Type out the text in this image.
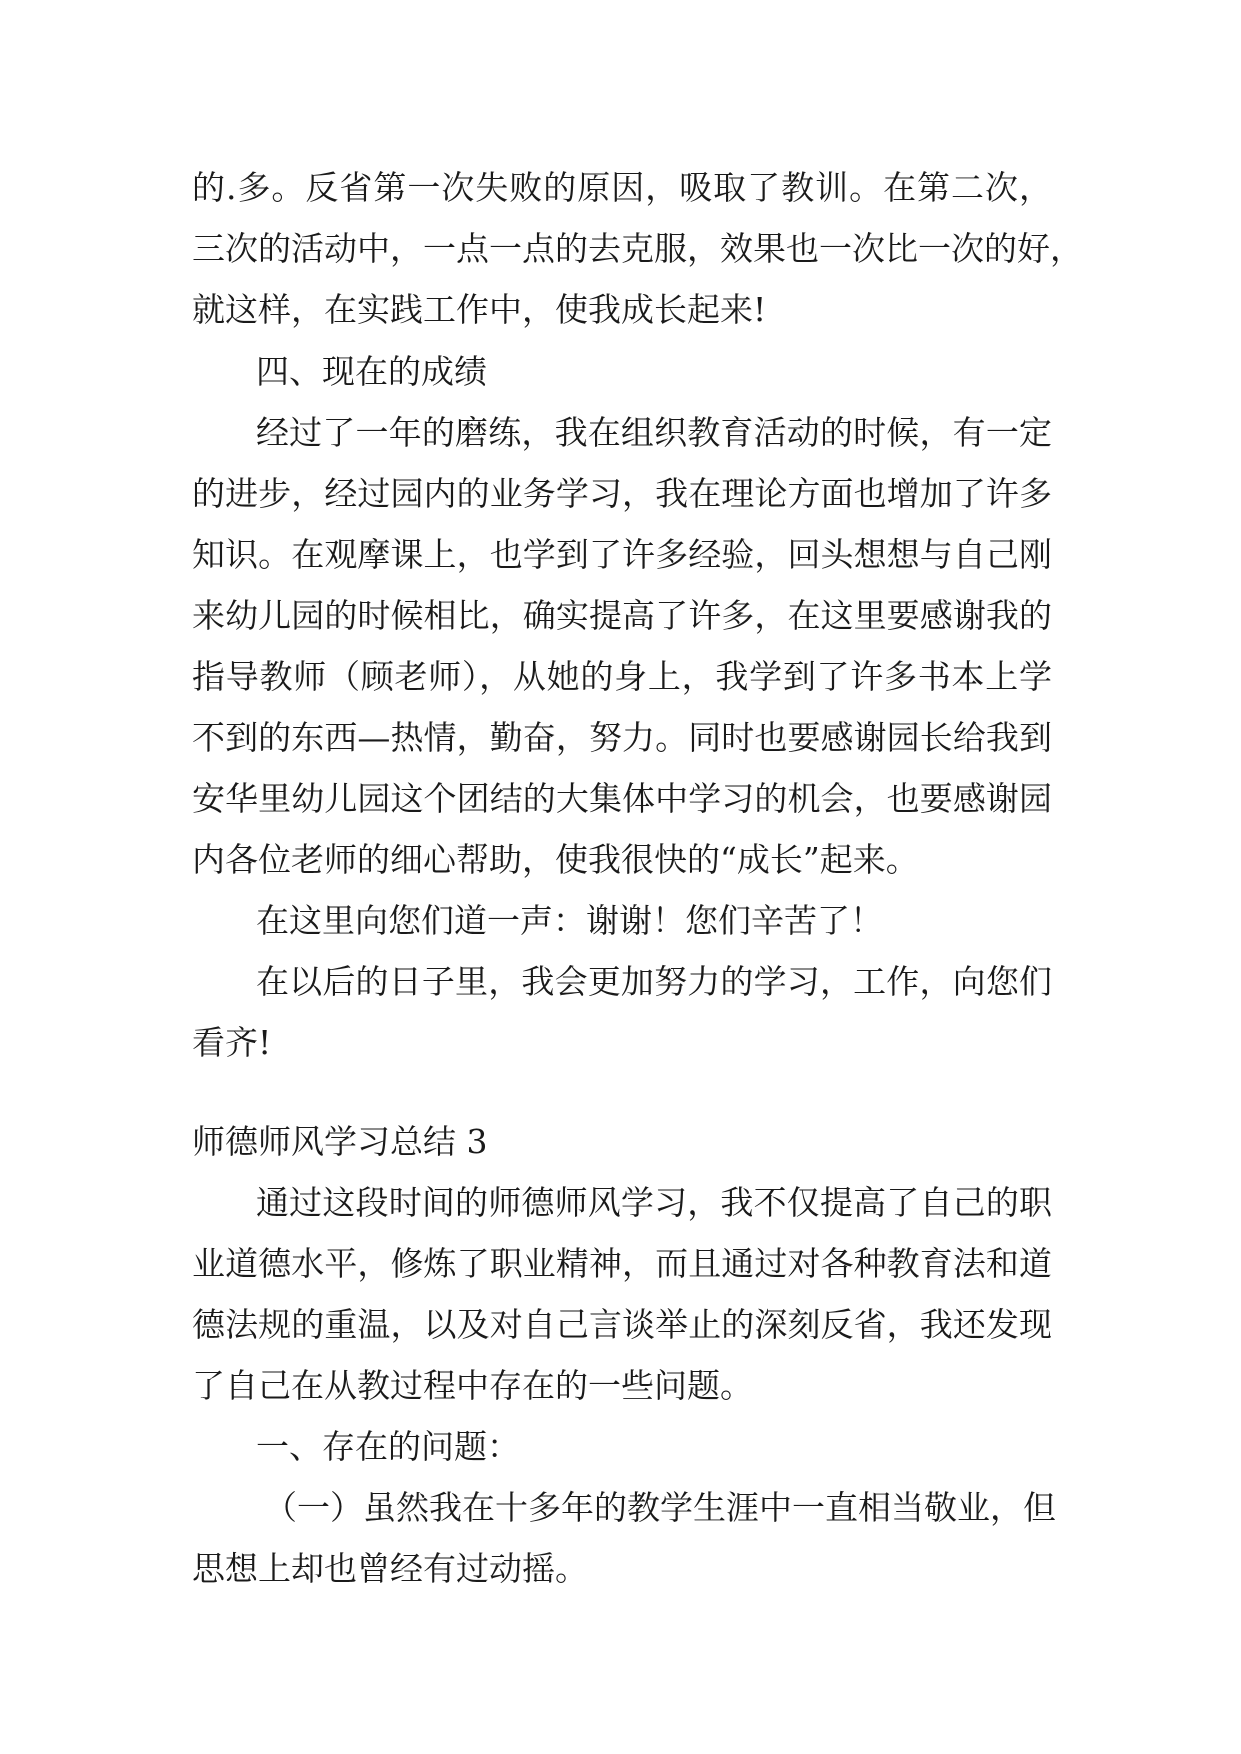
的.多。反省第一次失败的原因，吸取了教训。在第二次，

三次的活动中，一点一点的去克服，效果也一次比一次的好，

就这样，在实践工作中，使我成长起来!

四、现在的成绩

经过了一年的磨练，我在组织教育活动的时候，有一定

的进步，经过园内的业务学习，我在理论方面也增加了许多

知识。在观摩课上，也学到了许多经验，回头想想与自己刚

来幼儿园的时候相比，确实提高了许多，在这里要感谢我的

指导教师（顾老师），从她的身上，我学到了许多书本上学

不到的东西—热情，勤奋，努力。同时也要感谢园长给我到

安华里幼儿园这个团结的大集体中学习的机会，也要感谢园

内各位老师的细心帮助，使我很快的“成长”起来。

在这里向您们道一声：谢谢！您们辛苦了！

在以后的日子里，我会更加努力的学习，工作，向您们

看齐!

师德师风学习总结 3

通过这段时间的师德师风学习，我不仅提高了自己的职

业道德水平，修炼了职业精神，而且通过对各种教育法和道

德法规的重温，以及对自己言谈举止的深刻反省，我还发现

了自己在从教过程中存在的一些问题。

一、存在的问题：

（一）虽然我在十多年的教学生涯中一直相当敬业，但

思想上却也曾经有过动摇。
